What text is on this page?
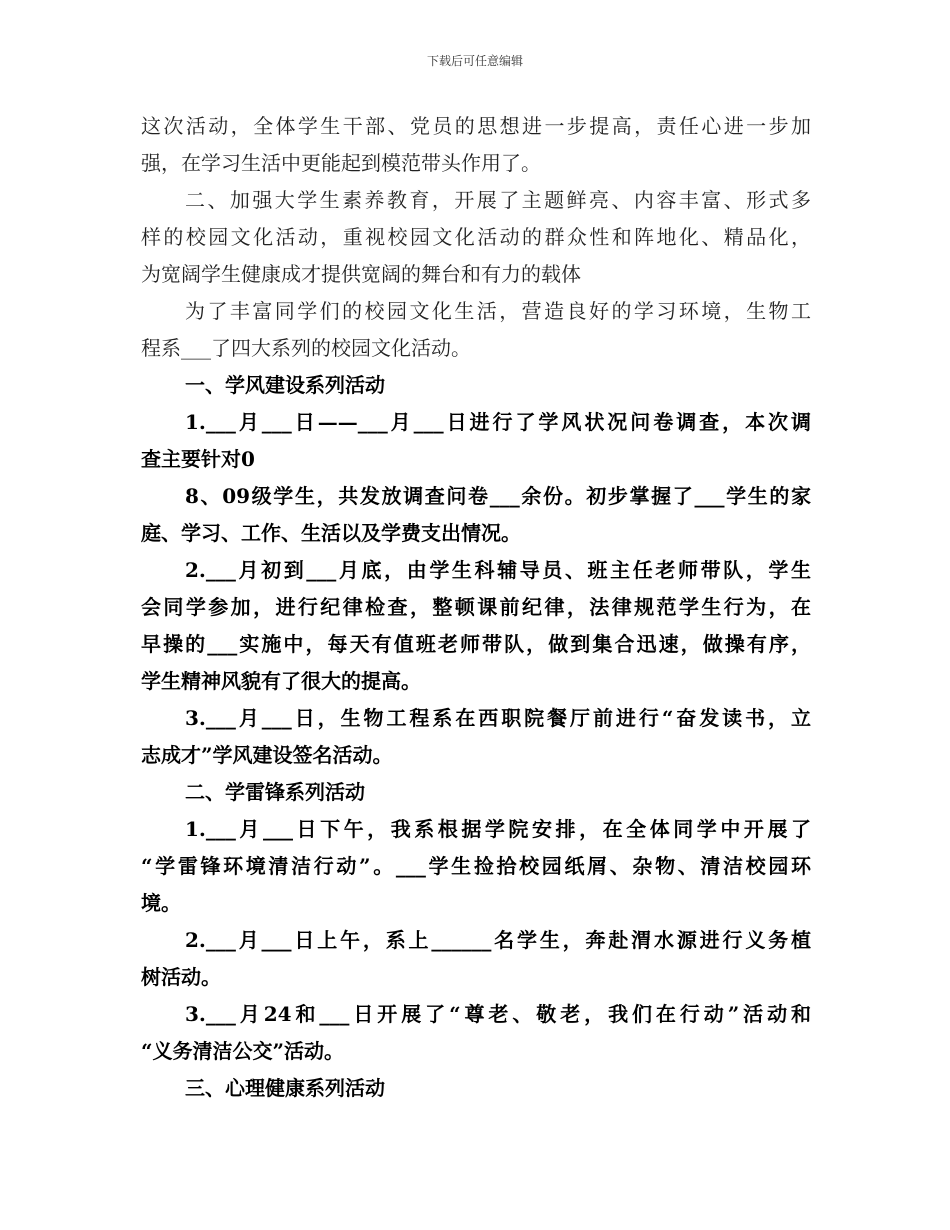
下载后可任意编辑
这次活动，全体学生干部、党员的思想进一步提高，责任心进一步加
强，在学习生活中更能起到模范带头作用了。
二、加强大学生素养教育，开展了主题鲜亮、内容丰富、形式多
样的校园文化活动，重视校园文化活动的群众性和阵地化、精品化，
为宽阔学生健康成才提供宽阔的舞台和有力的载体
为了丰富同学们的校园文化生活，营造良好的学习环境，生物工
程系___了四大系列的校园文化活动。
一、学风建设系列活动
1.___月___日——___月___日进行了学风状况问卷调查，本次调
查主要针对0
8、09级学生，共发放调查问卷___余份。初步掌握了___学生的家
庭、学习、工作、生活以及学费支出情况。
2.___月初到___月底，由学生科辅导员、班主任老师带队，学生
会同学参加，进行纪律检查，整顿课前纪律，法律规范学生行为，在
早操的___实施中，每天有值班老师带队，做到集合迅速，做操有序，
学生精神风貌有了很大的提高。
3.___月___日，生物工程系在西职院餐厅前进行“奋发读书，立
志成才”学风建设签名活动。
二、学雷锋系列活动
1.___月___日下午，我系根据学院安排，在全体同学中开展了
“学雷锋环境清洁行动”。___学生捡拾校园纸屑、杂物、清洁校园环
境。
2.___月___日上午，系上______名学生，奔赴渭水源进行义务植
树活动。
3.___月24和___日开展了“尊老、敬老，我们在行动”活动和
“义务清洁公交”活动。
三、心理健康系列活动
